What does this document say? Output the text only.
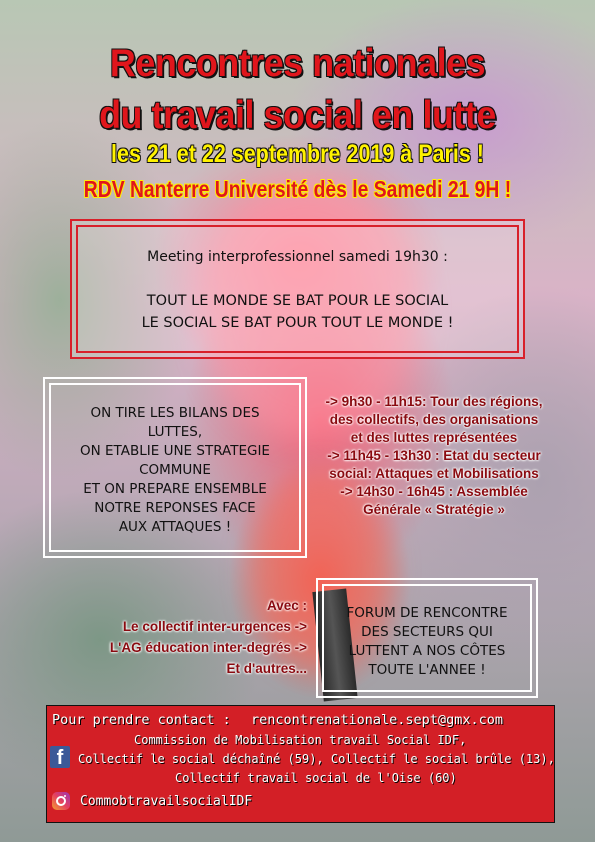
Rencontres nationales
du travail social en lutte
les 21 et 22 septembre 2019 à Paris !
RDV Nanterre Université dès le Samedi 21 9H !
Meeting interprofessionnel samedi 19h30 :
TOUT LE MONDE SE BAT POUR LE SOCIAL
LE SOCIAL SE BAT POUR TOUT LE MONDE !
ON TIRE LES BILANS DES
LUTTES,
ON ETABLIE UNE STRATEGIE
COMMUNE
ET ON PREPARE ENSEMBLE
NOTRE REPONSES FACE
AUX ATTAQUES !
-> 9h30 - 11h15: Tour des régions,
des collectifs, des organisations
et des luttes représentées
-> 11h45 - 13h30 : Etat du secteur
social: Attaques et Mobilisations
-> 14h30 - 16h45 : Assemblée
Générale « Stratégie »
Avec :
Le collectif inter-urgences ->
L'AG éducation inter-degrés ->
Et d'autres...
FORUM DE RENCONTRE
DES SECTEURS QUI
LUTTENT A NOS CÔTES
TOUTE L'ANNEE !
Pour prendre contact : rencontrenationale.sept@gmx.com
Commission de Mobilisation travail Social IDF,
f	Collectif le social déchaîné (59), Collectif le social brûle (13),
Collectif travail social de l'Oise (60)
CommobtravailsocialIDF
